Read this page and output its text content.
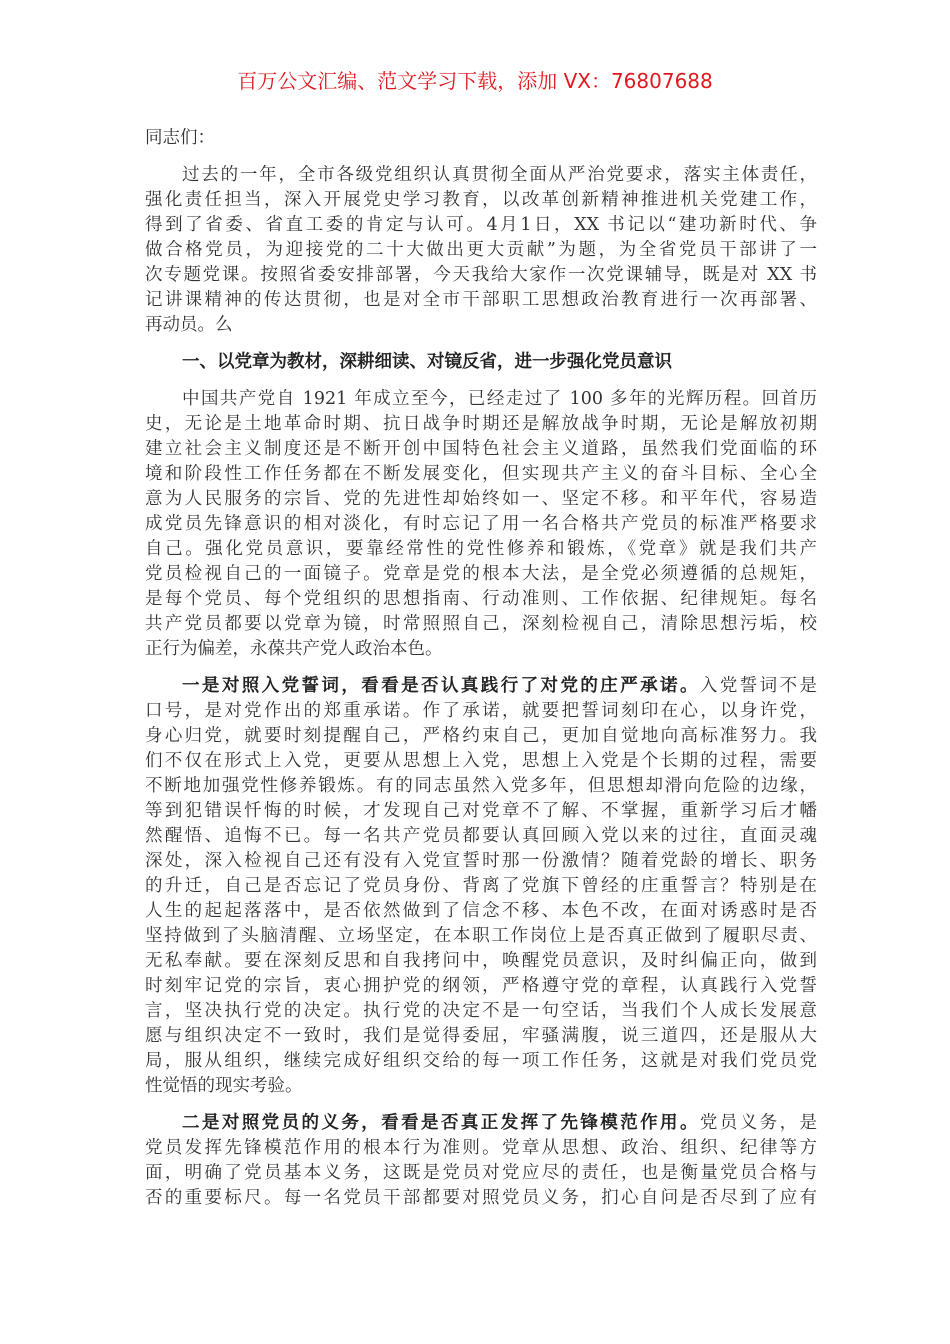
百万公文汇编、范文学习下载，添加 VX：76807688
同志们：
过去的一年，全市各级党组织认真贯彻全面从严治党要求，落实主体责任，
强化责任担当，深入开展党史学习教育，以改革创新精神推进机关党建工作，
得到了省委、省直工委的肯定与认可。4月1日，XX 书记以“建功新时代、争
做合格党员，为迎接党的二十大做出更大贡献”为题，为全省党员干部讲了一
次专题党课。按照省委安排部署，今天我给大家作一次党课辅导，既是对 XX 书
记讲课精神的传达贯彻，也是对全市干部职工思想政治教育进行一次再部署、
再动员。么
一、以党章为教材，深耕细读、对镜反省，进一步强化党员意识
中国共产党自 1921 年成立至今，已经走过了 100 多年的光辉历程。回首历
史，无论是土地革命时期、抗日战争时期还是解放战争时期，无论是解放初期
建立社会主义制度还是不断开创中国特色社会主义道路，虽然我们党面临的环
境和阶段性工作任务都在不断发展变化，但实现共产主义的奋斗目标、全心全
意为人民服务的宗旨、党的先进性却始终如一、坚定不移。和平年代，容易造
成党员先锋意识的相对淡化，有时忘记了用一名合格共产党员的标准严格要求
自己。强化党员意识，要靠经常性的党性修养和锻炼，《党章》就是我们共产
党员检视自己的一面镜子。党章是党的根本大法，是全党必须遵循的总规矩，
是每个党员、每个党组织的思想指南、行动准则、工作依据、纪律规矩。每名
共产党员都要以党章为镜，时常照照自己，深刻检视自己，清除思想污垢，校
正行为偏差，永葆共产党人政治本色。
一是对照入党誓词，看看是否认真践行了对党的庄严承诺。入党誓词不是
口号，是对党作出的郑重承诺。作了承诺，就要把誓词刻印在心，以身许党，
身心归党，就要时刻提醒自己，严格约束自己，更加自觉地向高标准努力。我
们不仅在形式上入党，更要从思想上入党，思想上入党是个长期的过程，需要
不断地加强党性修养锻炼。有的同志虽然入党多年，但思想却滑向危险的边缘，
等到犯错误忏悔的时候，才发现自己对党章不了解、不掌握，重新学习后才幡
然醒悟、追悔不已。每一名共产党员都要认真回顾入党以来的过往，直面灵魂
深处，深入检视自己还有没有入党宣誓时那一份激情？随着党龄的增长、职务
的升迁，自己是否忘记了党员身份、背离了党旗下曾经的庄重誓言？特别是在
人生的起起落落中，是否依然做到了信念不移、本色不改，在面对诱惑时是否
坚持做到了头脑清醒、立场坚定，在本职工作岗位上是否真正做到了履职尽责、
无私奉献。要在深刻反思和自我拷问中，唤醒党员意识，及时纠偏正向，做到
时刻牢记党的宗旨，衷心拥护党的纲领，严格遵守党的章程，认真践行入党誓
言，坚决执行党的决定。执行党的决定不是一句空话，当我们个人成长发展意
愿与组织决定不一致时，我们是觉得委屈，牢骚满腹，说三道四，还是服从大
局，服从组织，继续完成好组织交给的每一项工作任务，这就是对我们党员党
性觉悟的现实考验。
二是对照党员的义务，看看是否真正发挥了先锋模范作用。党员义务，是
党员发挥先锋模范作用的根本行为准则。党章从思想、政治、组织、纪律等方
面，明确了党员基本义务，这既是党员对党应尽的责任，也是衡量党员合格与
否的重要标尺。每一名党员干部都要对照党员义务，扪心自问是否尽到了应有
